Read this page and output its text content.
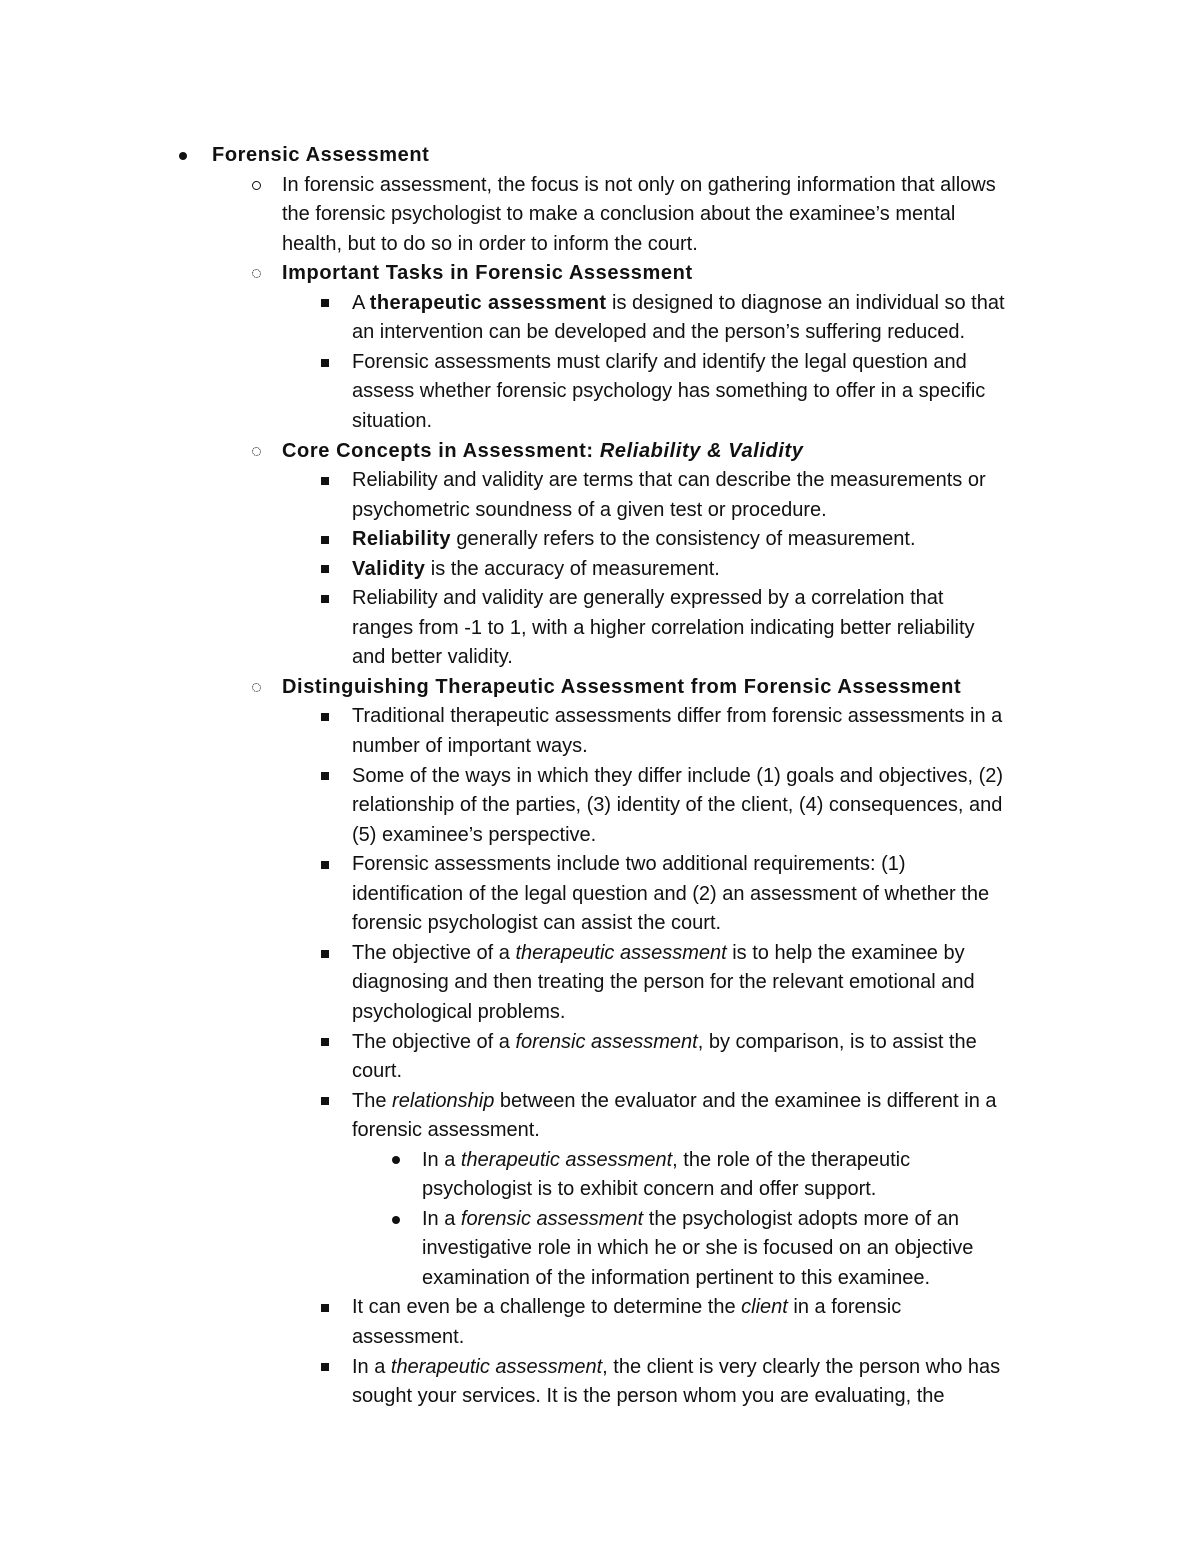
Forensic Assessment
In forensic assessment, the focus is not only on gathering information that allows
the forensic psychologist to make a conclusion about the examinee’s mental
health, but to do so in order to inform the court.
Important Tasks in Forensic Assessment
A therapeutic assessment is designed to diagnose an individual so that
an intervention can be developed and the person’s suffering reduced.
Forensic assessments must clarify and identify the legal question and
assess whether forensic psychology has something to offer in a specific
situation.
Core Concepts in Assessment: Reliability & Validity
Reliability and validity are terms that can describe the measurements or
psychometric soundness of a given test or procedure.
Reliability generally refers to the consistency of measurement.
Validity is the accuracy of measurement.
Reliability and validity are generally expressed by a correlation that
ranges from -1 to 1, with a higher correlation indicating better reliability
and better validity.
Distinguishing Therapeutic Assessment from Forensic Assessment
Traditional therapeutic assessments differ from forensic assessments in a
number of important ways.
Some of the ways in which they differ include (1) goals and objectives, (2)
relationship of the parties, (3) identity of the client, (4) consequences, and
(5) examinee’s perspective.
Forensic assessments include two additional requirements: (1)
identification of the legal question and (2) an assessment of whether the
forensic psychologist can assist the court.
The objective of a therapeutic assessment is to help the examinee by
diagnosing and then treating the person for the relevant emotional and
psychological problems.
The objective of a forensic assessment, by comparison, is to assist the
court.
The relationship between the evaluator and the examinee is different in a
forensic assessment.
In a therapeutic assessment, the role of the therapeutic
psychologist is to exhibit concern and offer support.
In a forensic assessment the psychologist adopts more of an
investigative role in which he or she is focused on an objective
examination of the information pertinent to this examinee.
It can even be a challenge to determine the client in a forensic
assessment.
In a therapeutic assessment, the client is very clearly the person who has
sought your services. It is the person whom you are evaluating, the
